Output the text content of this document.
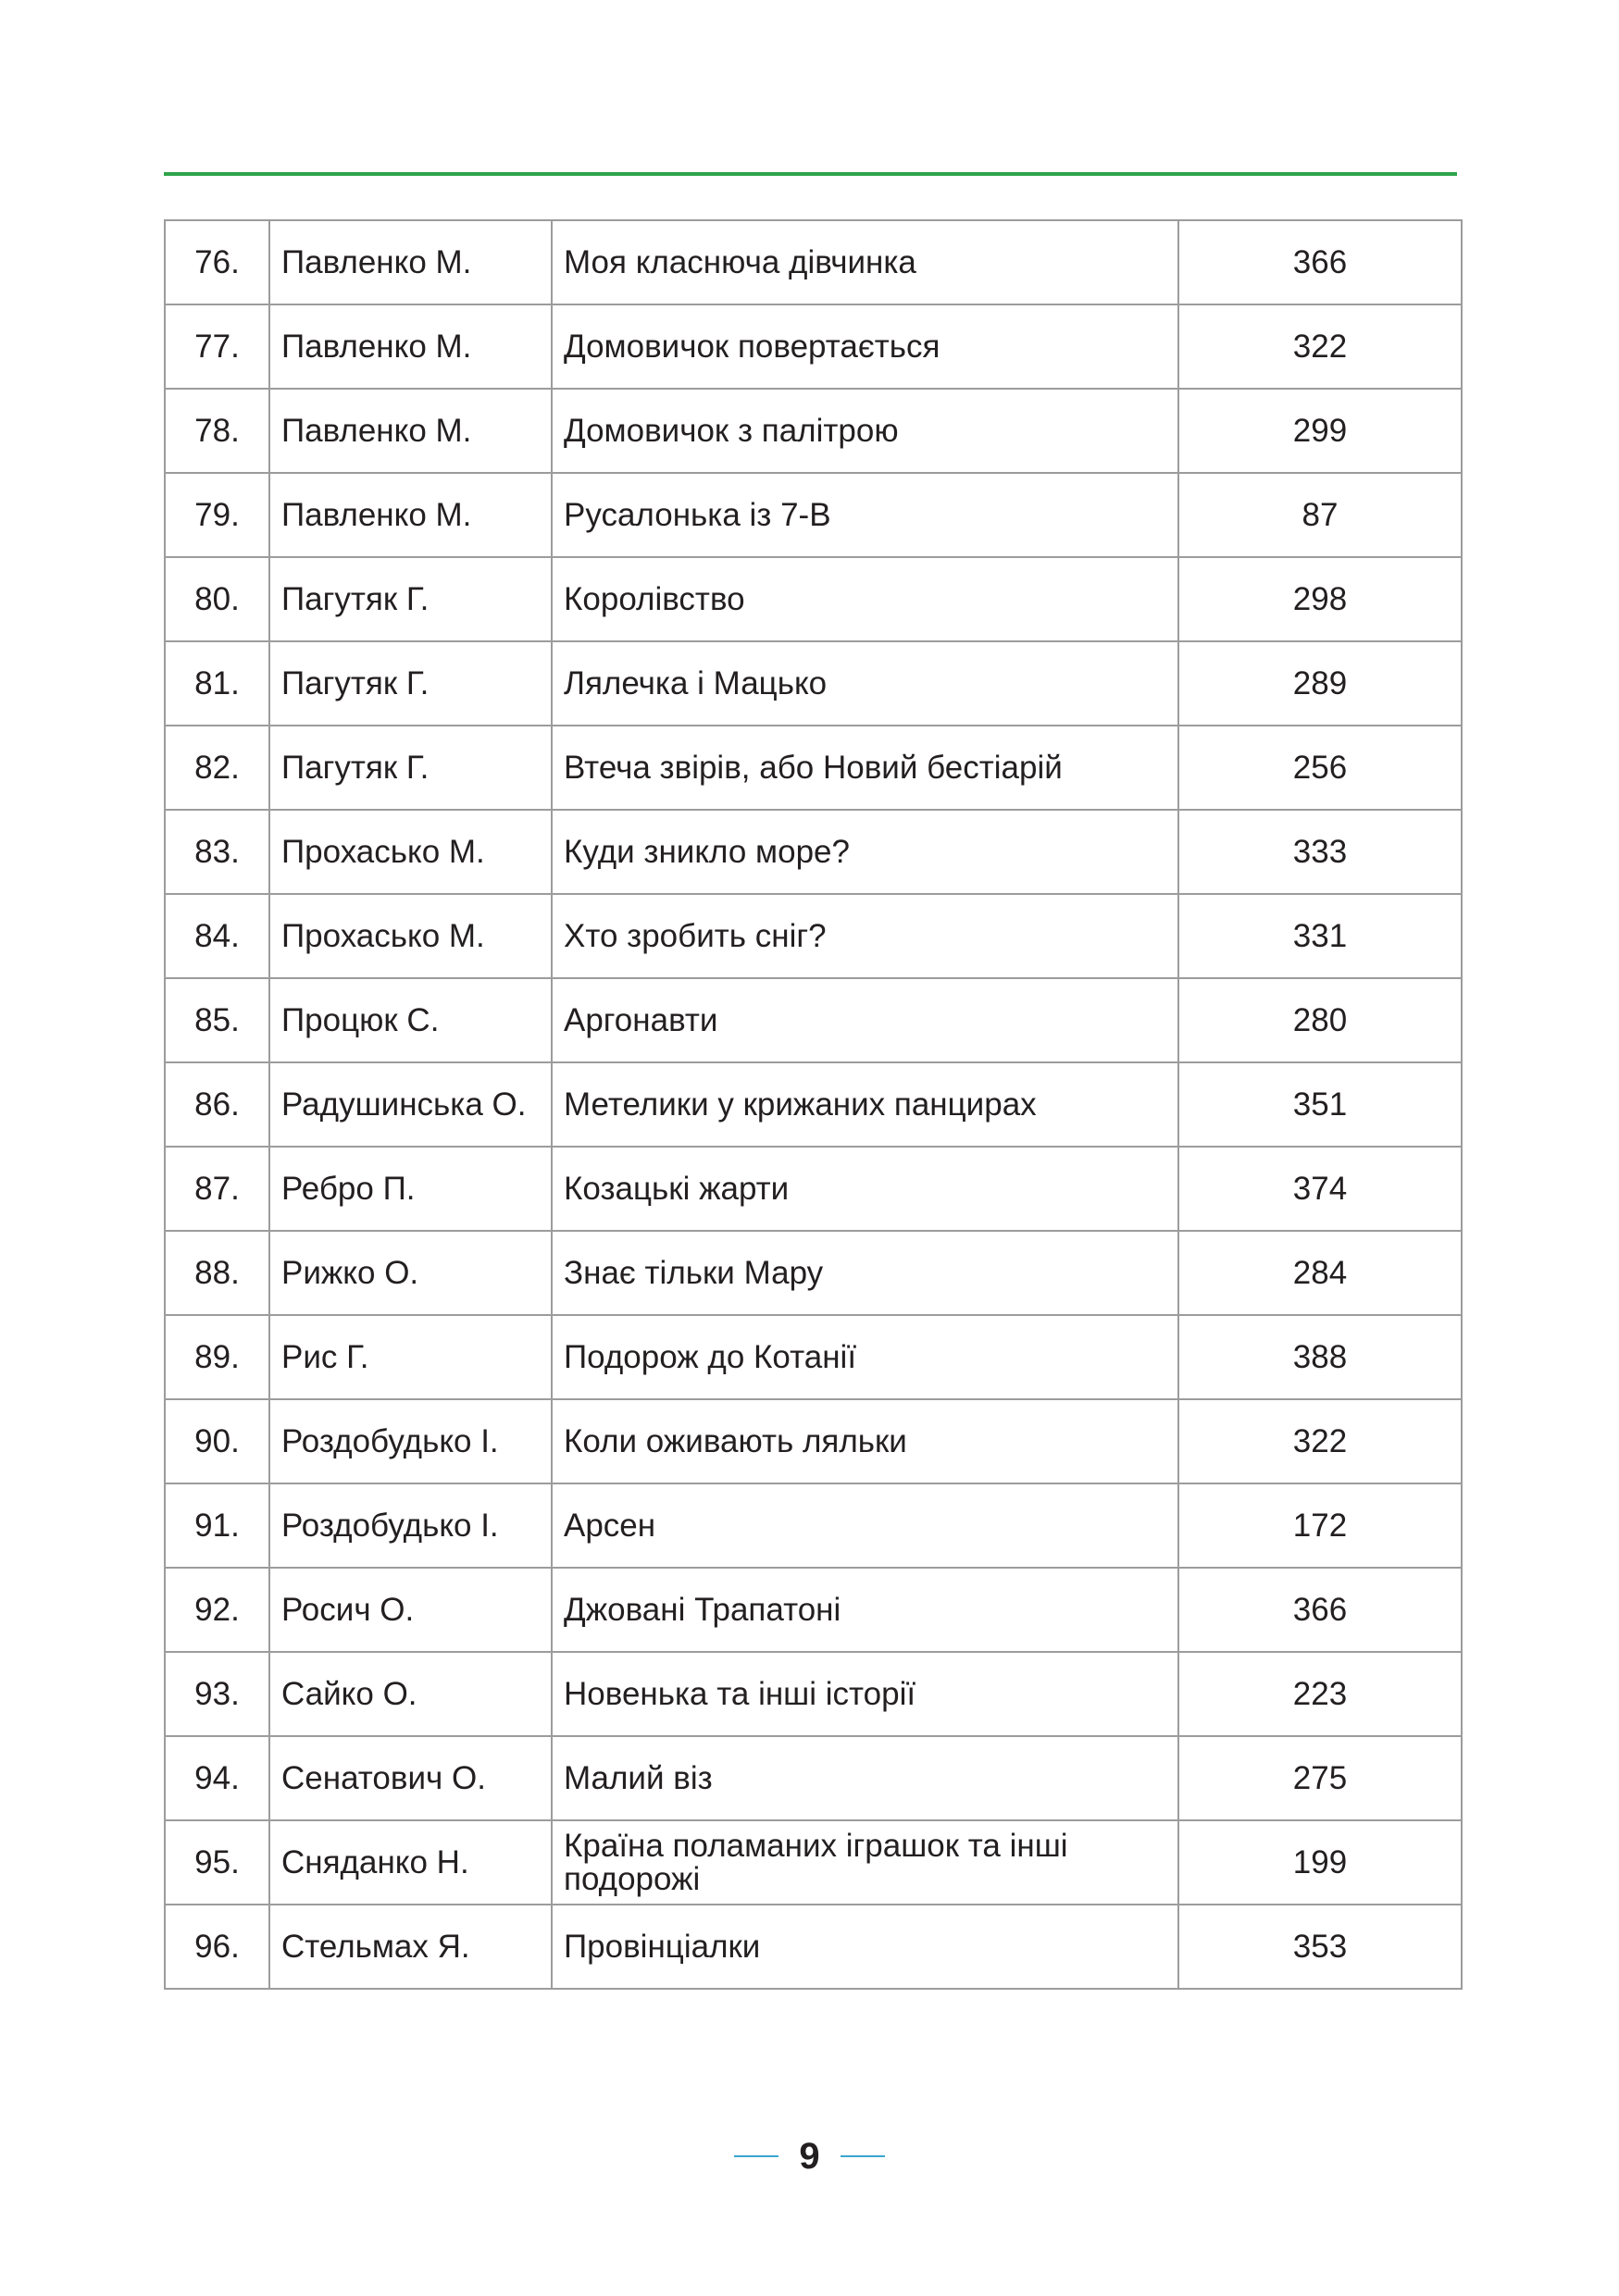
76.	Павленко М.	Моя класнюча дівчинка	366
77.	Павленко М.	Домовичок повертається	322
78.	Павленко М.	Домовичок з палітрою	299
79.	Павленко М.	Русалонька із 7-В	87
80.	Пагутяк Г.	Королівство	298
81.	Пагутяк Г.	Лялечка і Мацько	289
82.	Пагутяк Г.	Втеча звірів, або Новий бестіарій	256
83.	Прохасько М.	Куди зникло море?	333
84.	Прохасько М.	Хто зробить сніг?	331
85.	Процюк С.	Аргонавти	280
86.	Радушинська О.	Метелики у крижаних панцирах	351
87.	Ребро П.	Козацькі жарти	374
88.	Рижко О.	Знає тільки Мару	284
89.	Рис Г.	Подорож до Котанії	388
90.	Роздобудько І.	Коли оживають ляльки	322
91.	Роздобудько І.	Арсен	172
92.	Росич О.	Джовані Трапатоні	366
93.	Сайко О.	Новенька та інші історії	223
94.	Сенатович О.	Малий віз	275
95.	Сняданко Н.	Країна поламаних іграшок та інші подорожі	199
96.	Стельмах Я.	Провінціалки	353
9
